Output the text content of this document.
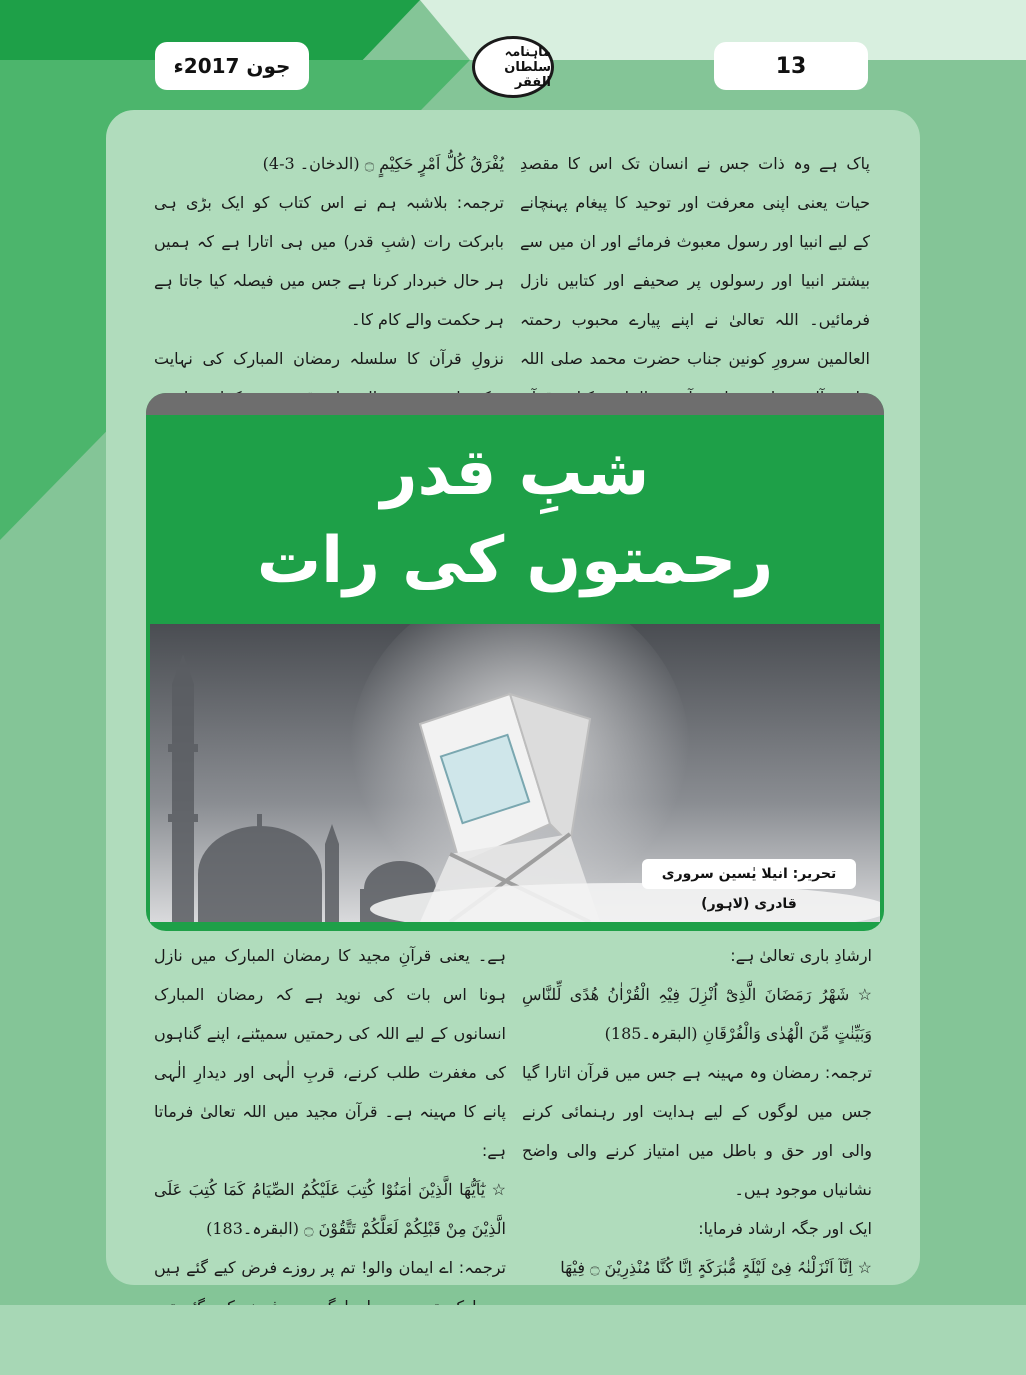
جون 2017ء
ماہنامہ سلطان الفقر
13

پاک ہے وہ ذات جس نے انسان تک اس کا مقصدِ حیات یعنی اپنی معرفت اور توحید کا پیغام پہنچانے کے لیے انبیا اور رسول معبوث فرمائے اور ان میں سے بیشتر انبیا اور رسولوں پر صحیفے اور کتابیں نازل فرمائیں۔ اللہ تعالیٰ نے اپنے پیارے محبوب رحمتہ العالمین سرورِ کونین جناب حضرت محمد صلی اللہ

یُفْرَقُ کُلُّ اَمْرٍ حَکِیْمٍ ۝ (الدخان۔ 3-4)

ترجمہ: بلاشبہ ہم نے اس کتاب کو ایک بڑی ہی بابرکت رات (شبِ قدر) میں ہی اتارا ہے کہ ہمیں ہر حال خبردار کرنا ہے جس میں فیصلہ کیا جاتا ہے ہر حکمت والے کام کا۔

نزولِ قرآن کا سلسلہ رمضان المبارک کی نہایت

شبِ قدر
رحمتوں کی رات
تحریر: انیلا یٰسین سروری قادری (لاہور)

ارشادِ باری تعالیٰ ہے:

☆ شَھْرُ رَمَضَانَ الَّذِیْٓ اُنْزِلَ فِیْہِ الْقُرْاٰنُ ھُدًی لِّلنَّاسِ وَبَیِّنٰتٍ مِّنَ الْھُدٰی وَالْفُرْقَانِ (البقرہ۔185)

ترجمہ: رمضان وہ مہینہ ہے جس میں قرآن اتارا گیا جس میں لوگوں کے لیے ہدایت اور رہنمائی کرنے والی اور حق و باطل میں امتیاز کرنے والی واضح نشانیاں موجود ہیں۔

ایک اور جگہ ارشاد فرمایا:

☆ اِنَّآ اَنْزَلْنٰہُ فِیْ لَیْلَۃٍ مُّبٰرَکَۃٍ اِنَّا کُنَّا مُنْذِرِیْنَ ۝ فِیْھَا

ہے۔ یعنی قرآنِ مجید کا رمضان المبارک میں نازل ہونا اس بات کی نوید ہے کہ رمضان المبارک انسانوں کے لیے اللہ کی رحمتیں سمیٹنے، اپنے گناہوں کی مغفرت طلب کرنے، قربِ الٰہی اور دیدارِ الٰہی پانے کا مہینہ ہے۔ قرآن مجید میں اللہ تعالیٰ فرماتا ہے:

☆ یٰٓاَیُّھَا الَّذِیْنَ اٰمَنُوْا کُتِبَ عَلَیْکُمُ الصِّیَامُ کَمَا کُتِبَ عَلَی الَّذِیْنَ مِنْ قَبْلِکُمْ لَعَلَّکُمْ تَتَّقُوْنَ ۝ (البقرہ۔183)

ترجمہ: اے ایمان والو! تم پر روزے فرض کیے گئے ہیں
